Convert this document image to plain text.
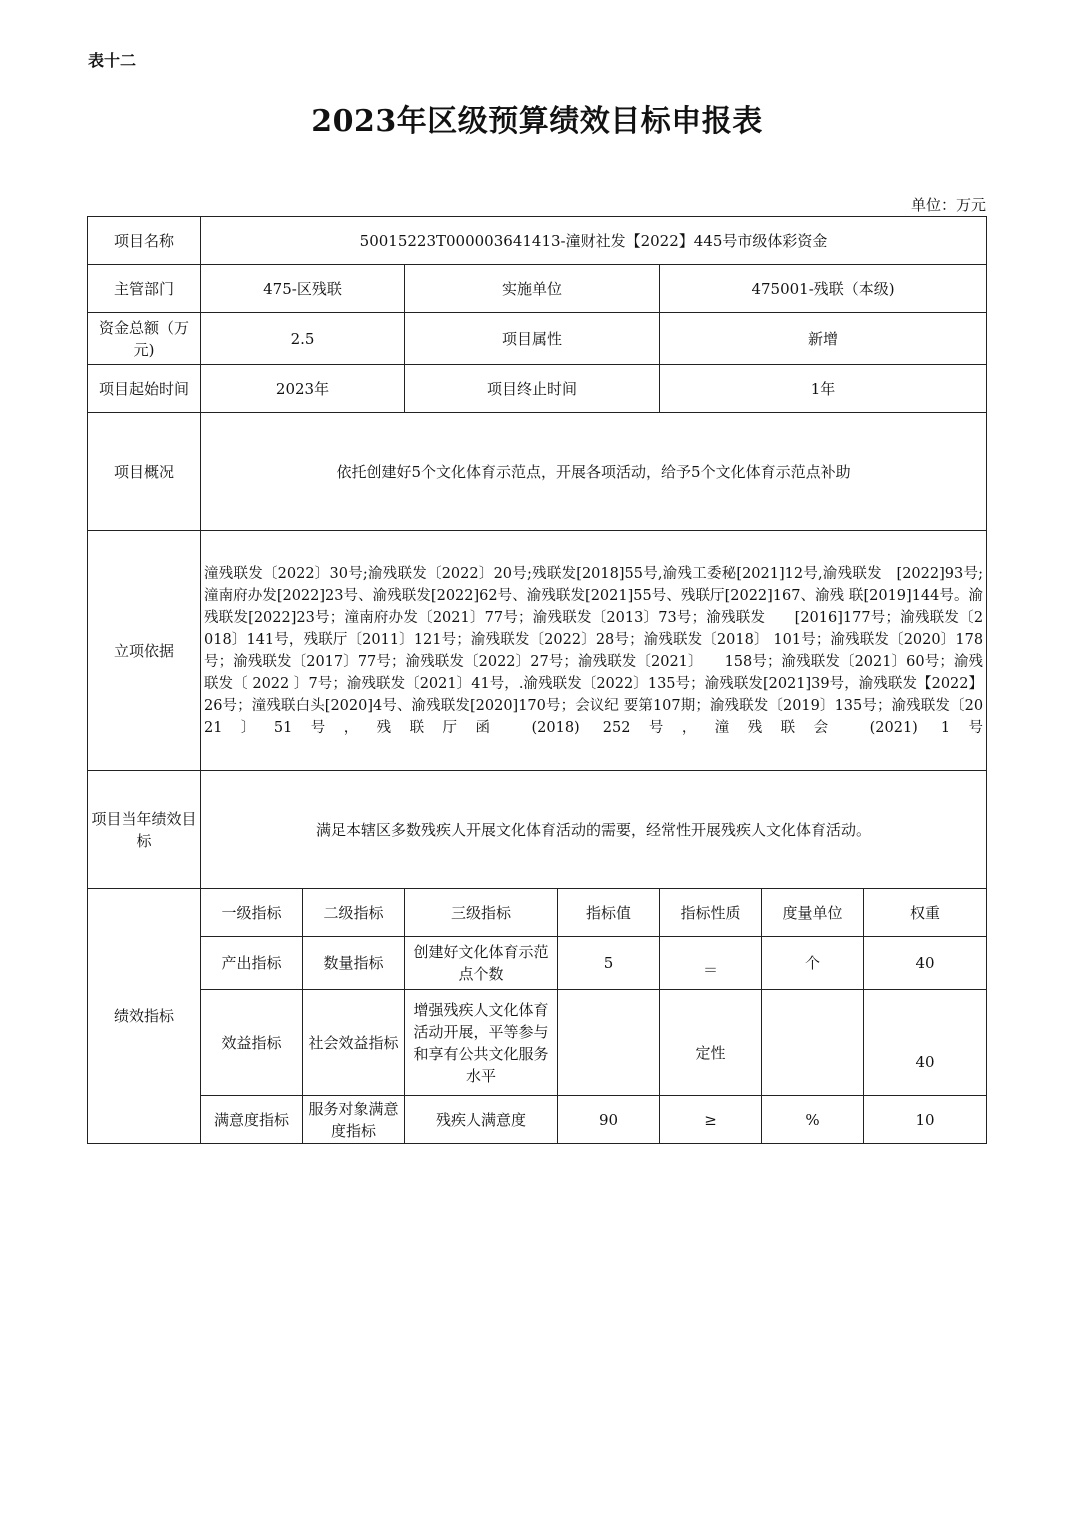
表十二
2023年区级预算绩效目标申报表
单位：万元
项目名称	50015223T000003641413-潼财社发【2022】445号市级体彩资金						
主管部门	475-区残联		实施单位		475001-残联（本级)		
资金总额（万元)	2.5		项目属性		新增		
项目起始时间	2023年		项目终止时间		1年		
项目概况	依托创建好5个文化体育示范点，开展各项活动，给予5个文化体育示范点补助						
立项依据	潼残联发〔2022〕30号;渝残联发〔2022〕20号;残联发[2018]55号,渝残工委秘[2021]12号,渝残联发　[2022]93号;潼南府办发[2022]23号、渝残联发[2022]62号、渝残联发[2021]55号、残联厅[2022]167、渝残 联[2019]144号。渝残联发[2022]23号；潼南府办发〔2021〕77号；渝残联发〔2013〕73号；渝残联发　　[2016]177号；渝残联发〔2018〕141号，残联厅〔2011〕121号；渝残联发〔2022〕28号；渝残联发〔2018〕 101号；渝残联发〔2020〕178号；渝残联发〔2017〕77号；渝残联发〔2022〕27号；渝残联发〔2021〕　　158号；渝残联发〔2021〕60号；渝残联发〔 2022 〕7号；渝残联发〔2021〕41号，.渝残联发〔2022〕135号；渝残联发[2021]39号，渝残联发【2022】26号；潼残联白头[2020]4号、渝残联发[2020]170号；会议纪 要第107期；渝残联发〔2019〕135号；渝残联发〔2021〕51号，残联厅函 (2018) 252号，潼残联会 (2021) 1号						

项目当年绩效目标	满足本辖区多数残疾人开展文化体育活动的需要，经常性开展残疾人文化体育活动。						
绩效指标	一级指标	二级指标	三级指标	指标值	指标性质	度量单位	权重
	产出指标	数量指标	创建好文化体育示范点个数	5	＝	个	40
	效益指标	社会效益指标	增强残疾人文化体育活动开展，平等参与和享有公共文化服务水平		定性		40
	满意度指标	服务对象满意度指标	残疾人满意度	90	≥	%	10
